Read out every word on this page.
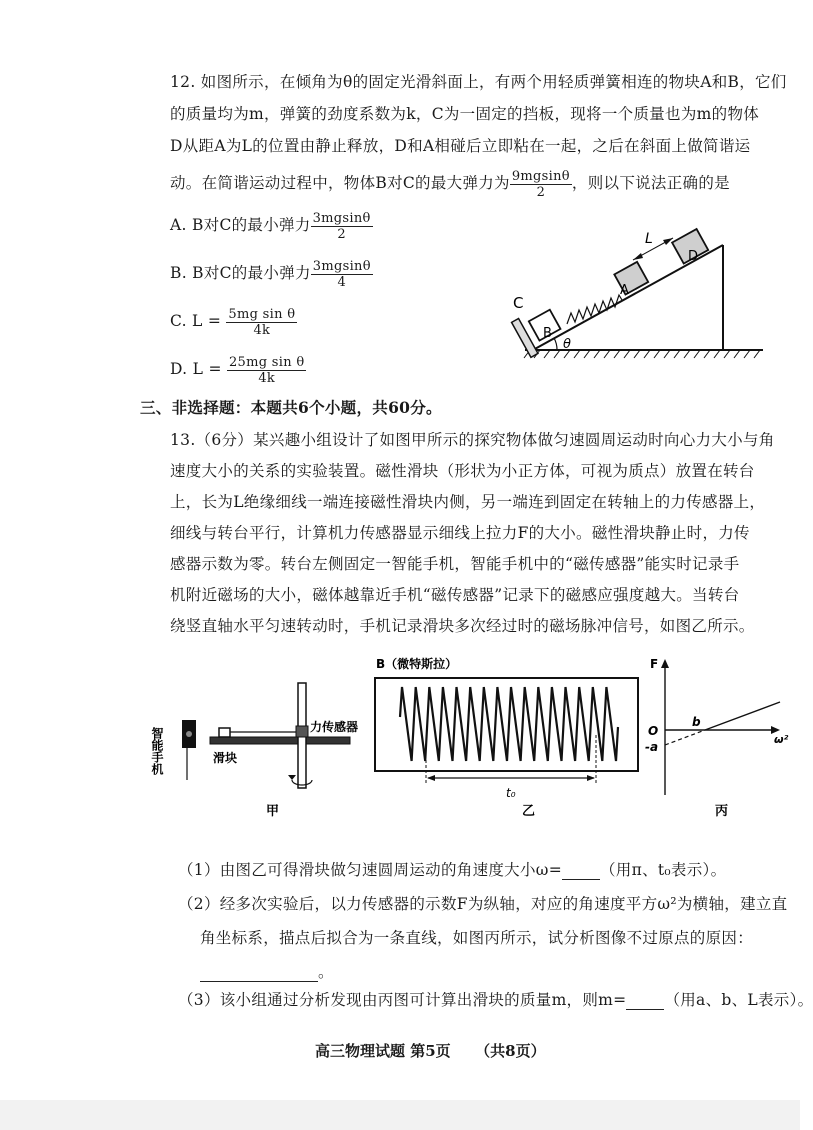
12. 如图所示，在倾角为θ的固定光滑斜面上，有两个用轻质弹簧相连的物块A和B，它们
的质量均为m，弹簧的劲度系数为k，C为一固定的挡板，现将一个质量也为m的物体
D从距A为L的位置由静止释放，D和A相碰后立即粘在一起，之后在斜面上做简谐运
动。在简谐运动过程中，物体B对C的最大弹力为 $\frac{9mgsin\theta}{2}$ ，则以下说法正确的是
A. B对C的最小弹力 $\frac{3mgsin\theta}{2}$
B. B对C的最小弹力 $\frac{3mgsin\theta}{4}$
C. $L = \frac{\text{5mg sin θ}}{4k}$
D. $L = \frac{\text{25mg sin θ}}{4k}$
θ
C
B
A
D
L
三、非选择题：本题共6个小题，共60分。
13.（6分）某兴趣小组设计了如图甲所示的探究物体做匀速圆周运动时向心力大小与角
速度大小的关系的实验装置。磁性滑块（形状为小正方体，可视为质点）放置在转台
上，长为L绝缘细线一端连接磁性滑块内侧，另一端连到固定在转轴上的力传感器上，
细线与转台平行，计算机力传感器显示细线上拉力F的大小。磁性滑块静止时，力传
感器示数为零。转台左侧固定一智能手机，智能手机中的“磁传感器”能实时记录手
机附近磁场的大小，磁体越靠近手机“磁传感器”记录下的磁感应强度越大。当转台
绕竖直轴水平匀速转动时，手机记录滑块多次经过时的磁场脉冲信号，如图乙所示。
智能手机	滑块
力传感器
甲
B（微特斯拉）
t₀
乙
F
O
b
-a
ω²
丙
（1）由图乙可得滑块做匀速圆周运动的角速度大小ω= （用π、t₀表示）。
（2）经多次实验后，以力传感器的示数F为纵轴，对应的角速度平方ω²为横轴，建立直
角坐标系，描点后拟合为一条直线，如图丙所示，试分析图像不过原点的原因：
。
（3）该小组通过分析发现由丙图可计算出滑块的质量m，则m= （用a、b、L表示）。
高三物理试题 第5页 （共8页）
